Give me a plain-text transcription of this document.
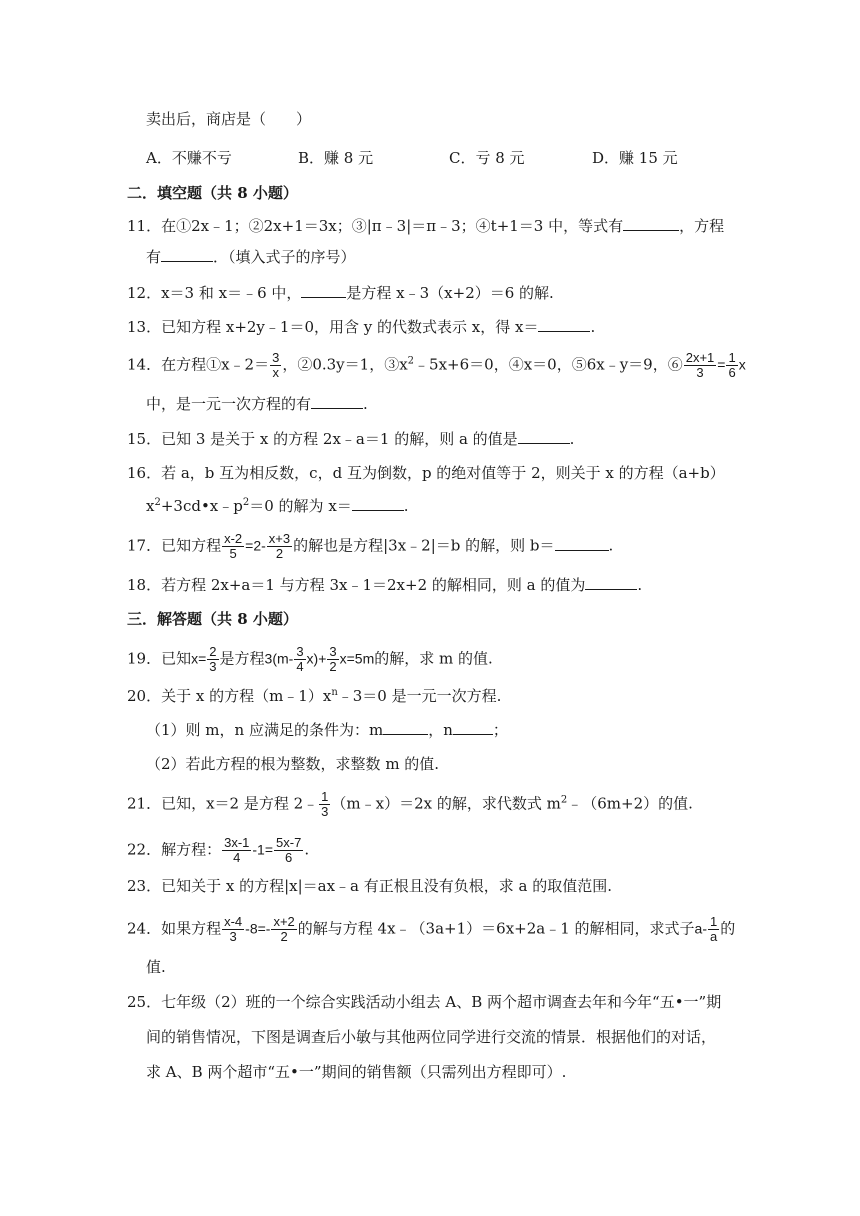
卖出后，商店是（　　）
A．不赚不亏	B．赚 8 元	C．亏 8 元	D．赚 15 元
二．填空题（共 8 小题）
11．在①2x﹣1；②2x+1＝3x；③|π﹣3|＝π﹣3；④t+1＝3 中，等式有	，方程
有	．（填入式子的序号）
12．x＝3 和 x＝﹣6 中，	是方程 x﹣3（x+2）＝6 的解.
13．已知方程 x+2y﹣1＝0，用含 y 的代数式表示 x，得 x＝	.
14．在方程①x﹣2＝ $\frac{3}{x}$ ，②0.3y＝1，$③x^2﹣5x+6=0$，④x＝0，⑤6x﹣y＝9，⑥ $\frac{2x+1}{3} = \frac{1}{6}$ x
中，是一元一次方程的有	.
15．已知 3 是关于 x 的方程 2x﹣a＝1 的解，则 a 的值是	.
16．若 a，b 互为相反数，c，d 互为倒数，p 的绝对值等于 2，则关于 x 的方程（a+b）
$x^2+3cd•x﹣p^2=0$ 的解为 x＝	.
17．已知方程 $\frac{x-2}{5} =2- \frac{x+3}{2}$ 的解也是方程|3x﹣2|＝b 的解，则 b＝	.
18．若方程 2x+a＝1 与方程 3x﹣1＝2x+2 的解相同，则 a 的值为	.
三．解答题（共 8 小题）
19．已知$x= \frac{2}{3}$ 是方程$3(m- \frac{3}{4} x)+ \frac{3}{2} x=5m$的解，求 m 的值.
20．关于 x 的方程$(m﹣1)x^n﹣3=0$ 是一元一次方程.
（1）则 m，n 应满足的条件为：m	，n	；
（2）若此方程的根为整数，求整数 m 的值.
21．已知，x＝2 是方程 2﹣ $\frac{1}{3}$ （m﹣x）＝2x 的解，求代数式 $m^2﹣(6m+2)$的值.
22．解方程： $\frac{3x-1}{4} -1= \frac{5x-7}{6}$ .
23．已知关于 x 的方程|x|＝ax﹣a 有正根且没有负根，求 a 的取值范围.
24．如果方程 $\frac{x-4}{3} -8=- \frac{x+2}{2}$ 的解与方程 4x﹣（3a+1）＝6x+2a﹣1 的解相同，求式子$a- \frac{1}{a}$ 的
值.
25．七年级（2）班的一个综合实践活动小组去 A、B 两个超市调查去年和今年“五•一”期
间的销售情况，下图是调查后小敏与其他两位同学进行交流的情景．根据他们的对话，
求 A、B 两个超市“五•一”期间的销售额（只需列出方程即可）.
